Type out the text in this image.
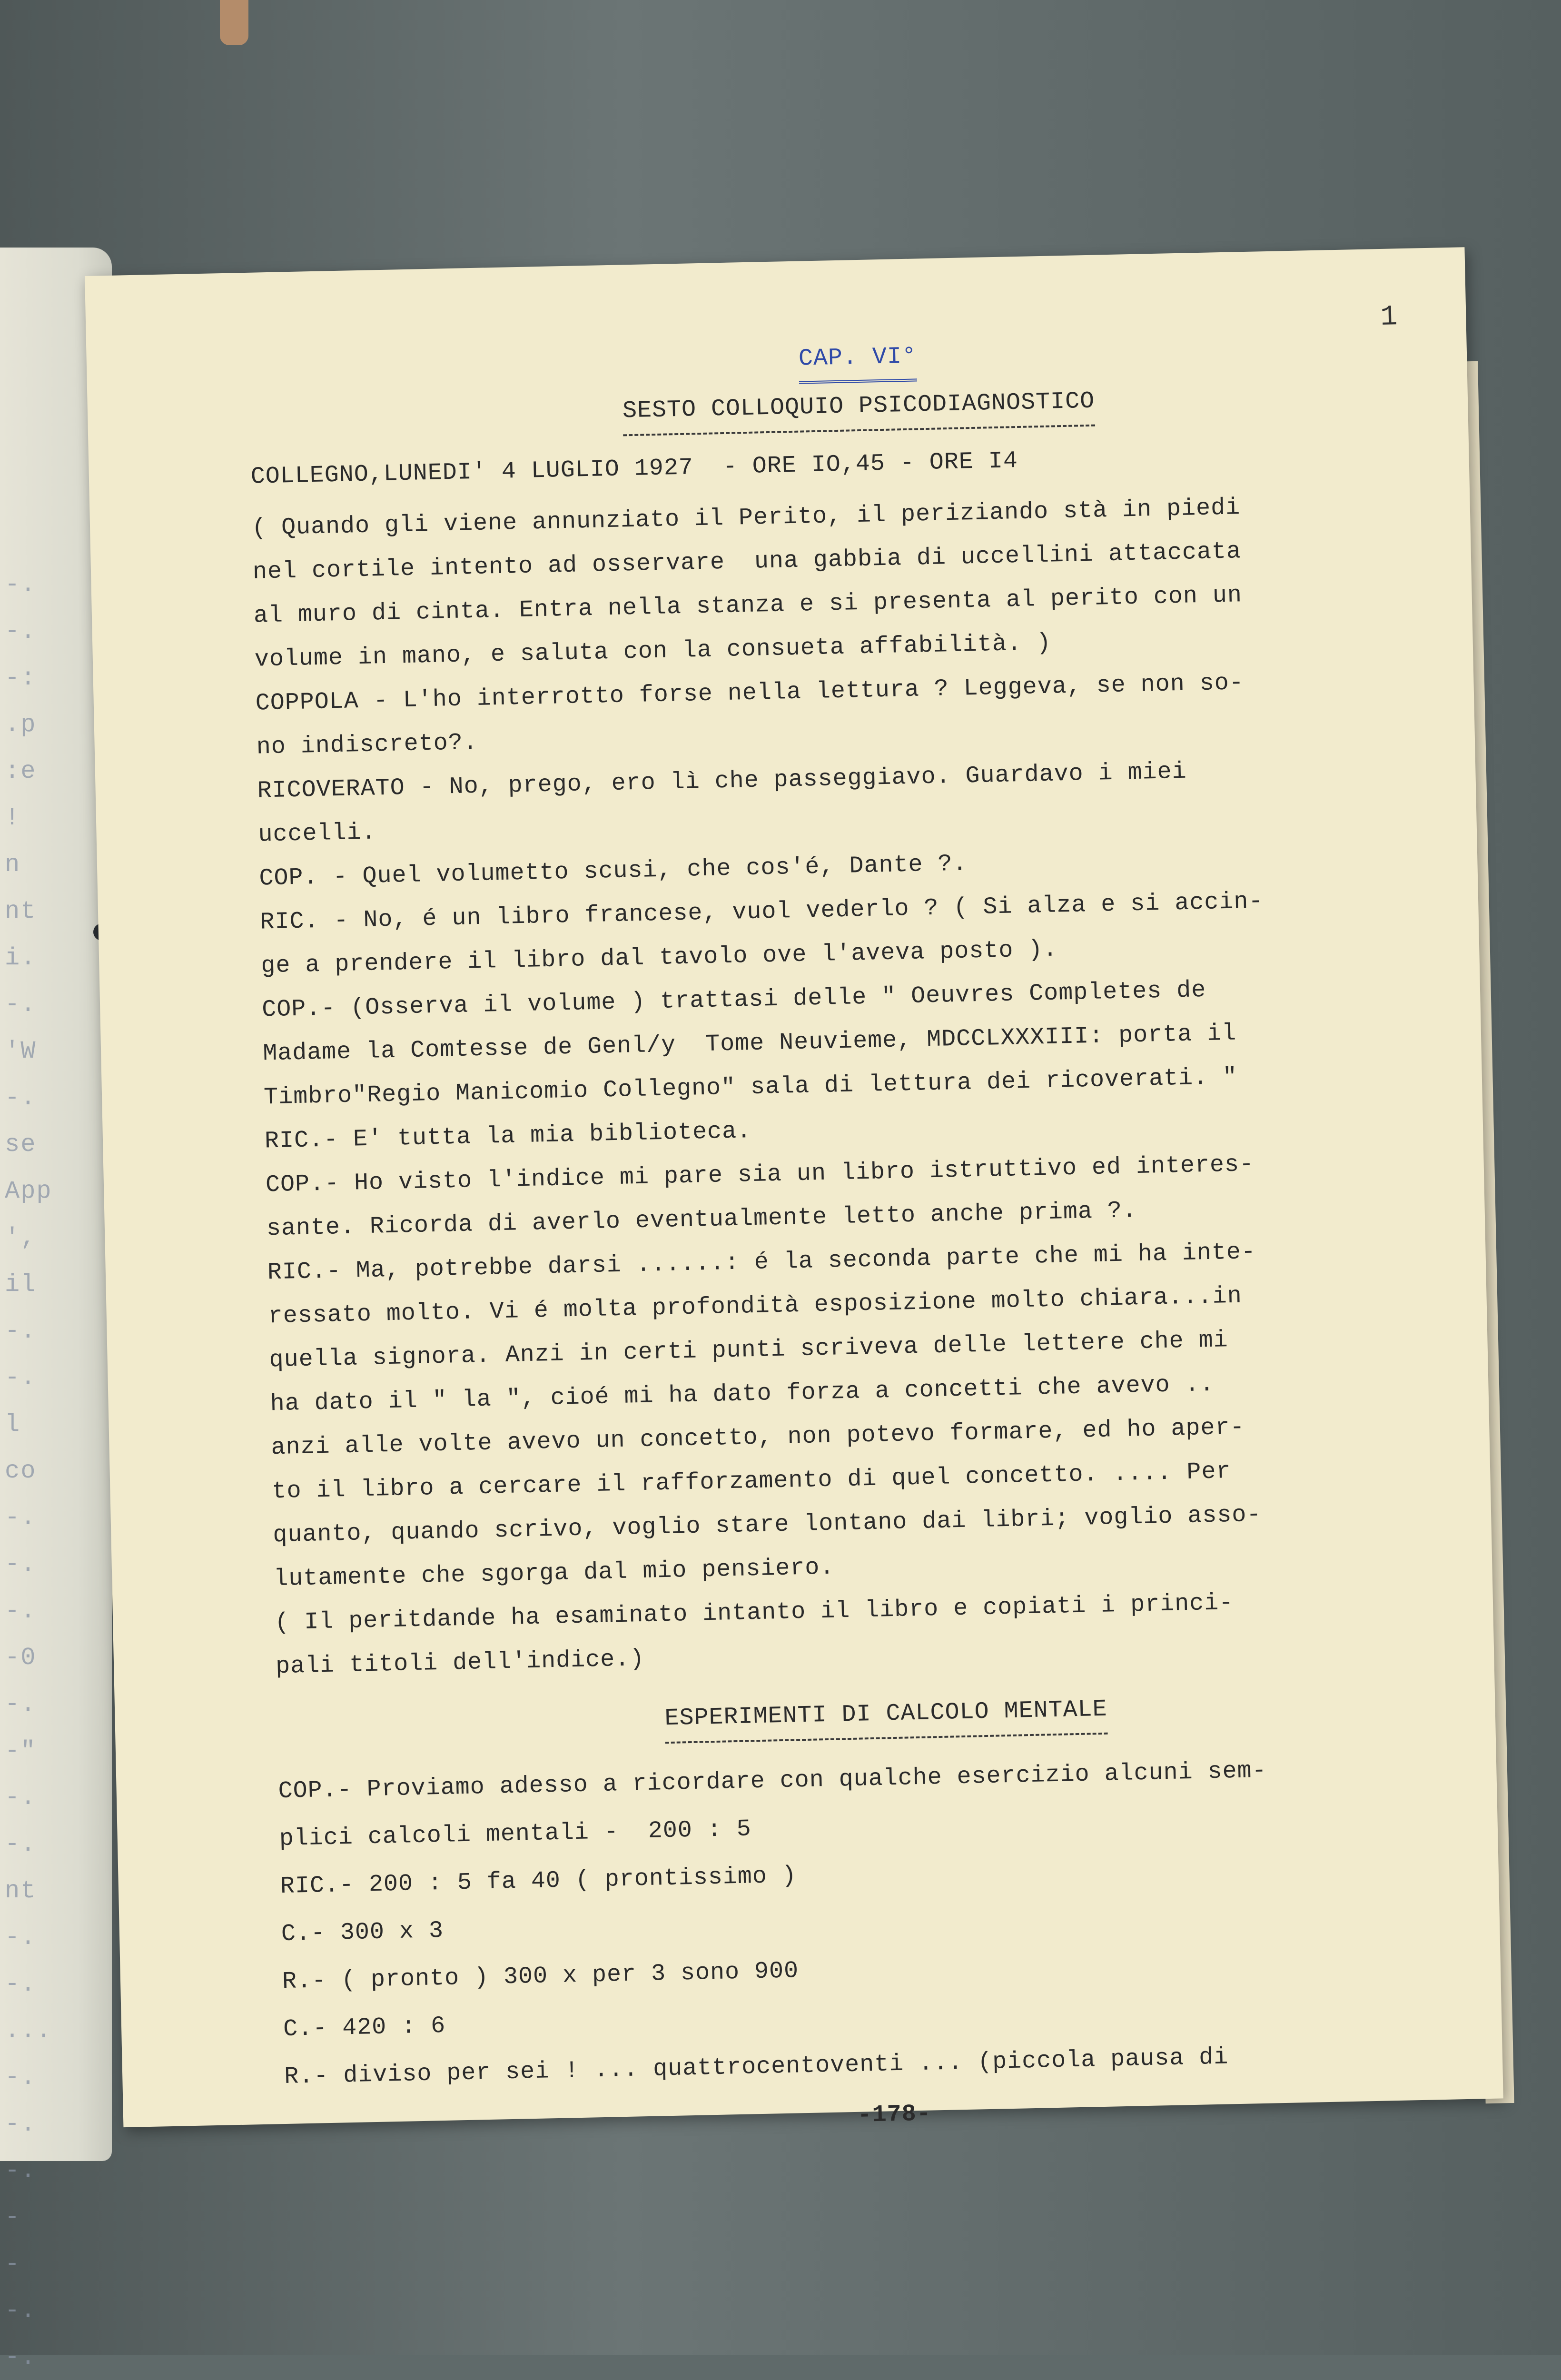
-.
-.
-:
.p
:e
!
n
nt
i.
-.
'W
-.
se
App
',
il
-.
-.
l
co
-.
-.
-.
-0
-.
-"
-.
-.
nt
-.
-.
...
-.
-.
-.
-
-
-.
-.

1
CAP. VI°
SESTO COLLOQUIO PSICODIAGNOSTICO
COLLEGNO,LUNEDI' 4 LUGLIO 1927  - ORE IO,45 - ORE I4
( Quando gli viene annunziato il Perito, il periziando stà in piedi
nel cortile intento ad osservare  una gabbia di uccellini attaccata
al muro di cinta. Entra nella stanza e si presenta al perito con un
volume in mano, e saluta con la consueta affabilità. )
COPPOLA - L'ho interrotto forse nella lettura ? Leggeva, se non so-
no indiscreto?.
RICOVERATO - No, prego, ero lì che passeggiavo. Guardavo i miei
uccelli.
COP. - Quel volumetto scusi, che cos'é, Dante ?.
RIC. - No, é un libro francese, vuol vederlo ? ( Si alza e si accin-
ge a prendere il libro dal tavolo ove l'aveva posto ).
COP.- (Osserva il volume ) trattasi delle " Oeuvres Completes de
Madame la Comtesse de Genl/y  Tome Neuvieme, MDCCLXXXIII: porta il
Timbro"Regio Manicomio Collegno" sala di lettura dei ricoverati. "
RIC.- E' tutta la mia biblioteca.
COP.- Ho visto l'indice mi pare sia un libro istruttivo ed interes-
sante. Ricorda di averlo eventualmente letto anche prima ?.
RIC.- Ma, potrebbe darsi ......: é la seconda parte che mi ha inte-
ressato molto. Vi é molta profondità esposizione molto chiara...in
quella signora. Anzi in certi punti scriveva delle lettere che mi
ha dato il " la ", cioé mi ha dato forza a concetti che avevo ..
anzi alle volte avevo un concetto, non potevo formare, ed ho aper-
to il libro a cercare il rafforzamento di quel concetto. .... Per
quanto, quando scrivo, voglio stare lontano dai libri; voglio asso-
lutamente che sgorga dal mio pensiero.
( Il peritdande ha esaminato intanto il libro e copiati i princi-
pali titoli dell'indice.)
ESPERIMENTI DI CALCOLO MENTALE
COP.- Proviamo adesso a ricordare con qualche esercizio alcuni sem-
plici calcoli mentali -  200 : 5
RIC.- 200 : 5 fa 40 ( prontissimo )
C.- 300 x 3
R.- ( pronto ) 300 x per 3 sono 900
C.- 420 : 6
R.- diviso per sei ! ... quattrocentoventi ... (piccola pausa di
-178-
